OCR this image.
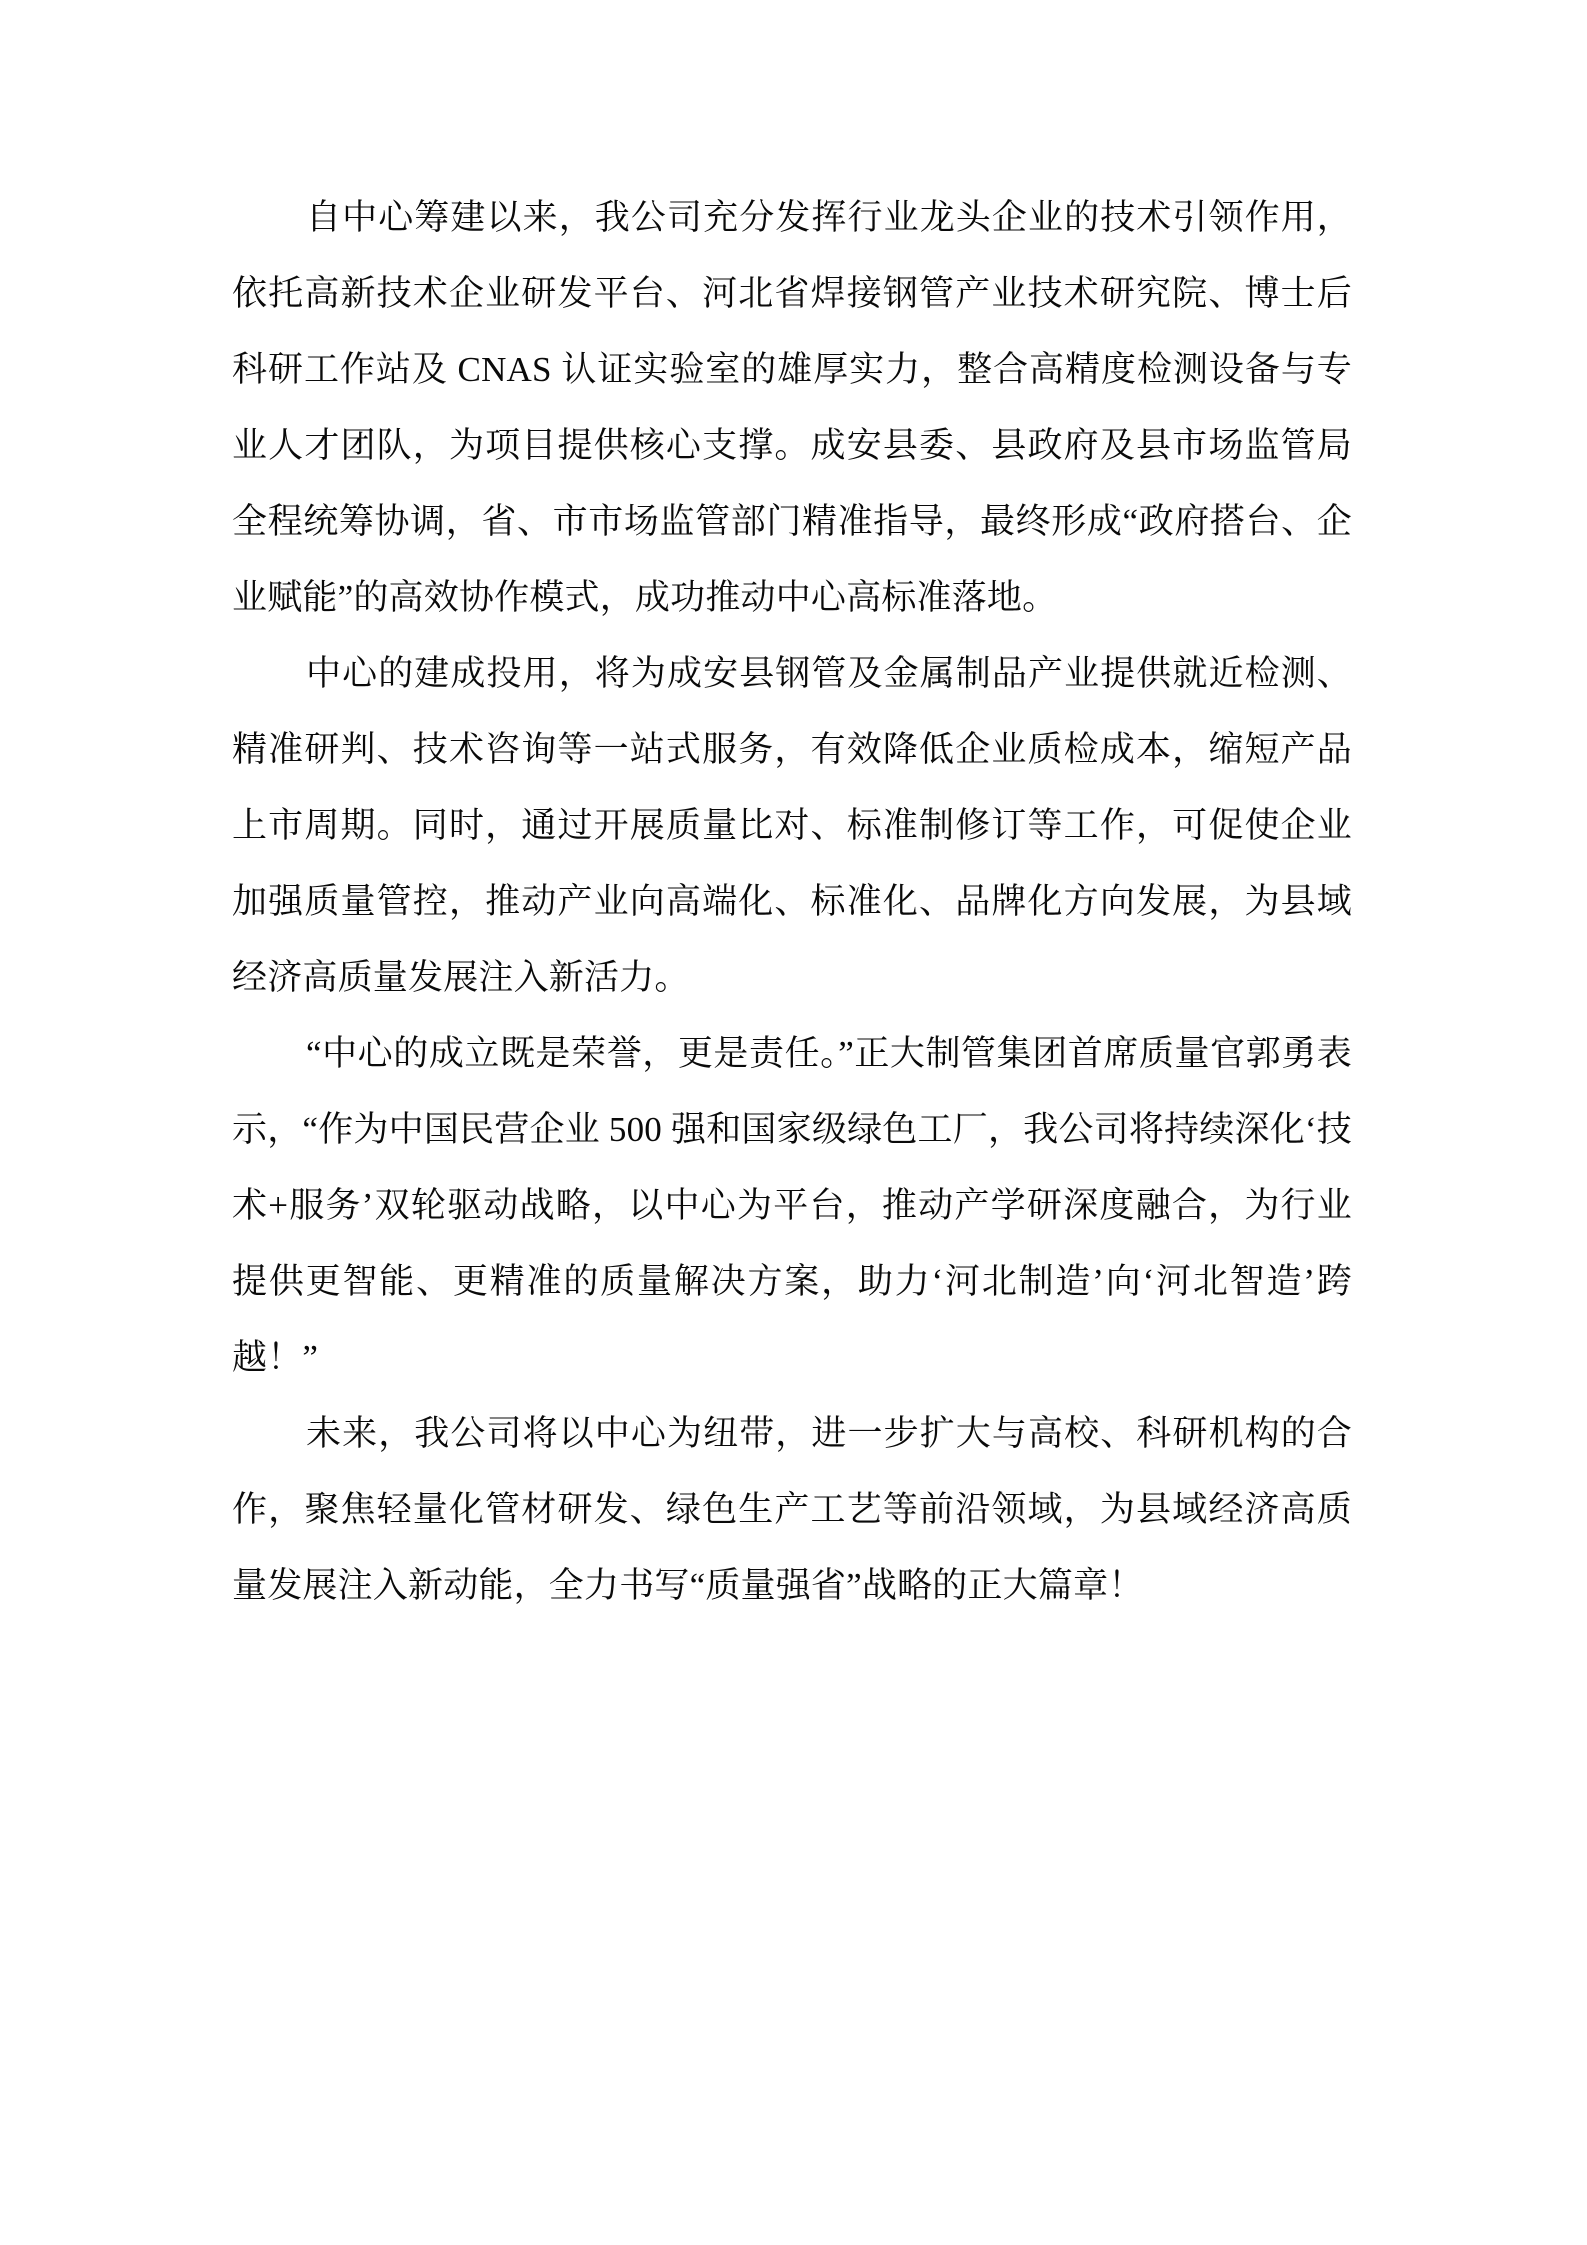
自中心筹建以来，我公司充分发挥行业龙头企业的技术引领作用，依托高新技术企业研发平台、河北省焊接钢管产业技术研究院、博士后科研工作站及 CNAS 认证实验室的雄厚实力，整合高精度检测设备与专业人才团队，为项目提供核心支撑。成安县委、县政府及县市场监管局全程统筹协调，省、市市场监管部门精准指导，最终形成“政府搭台、企业赋能”的高效协作模式，成功推动中心高标准落地。

中心的建成投用，将为成安县钢管及金属制品产业提供就近检测、精准研判、技术咨询等一站式服务，有效降低企业质检成本，缩短产品上市周期。同时，通过开展质量比对、标准制修订等工作，可促使企业加强质量管控，推动产业向高端化、标准化、品牌化方向发展，为县域经济高质量发展注入新活力。

“中心的成立既是荣誉，更是责任。”正大制管集团首席质量官郭勇表示，“作为中国民营企业 500 强和国家级绿色工厂，我公司将持续深化‘技术+服务’双轮驱动战略，以中心为平台，推动产学研深度融合，为行业提供更智能、更精准的质量解决方案，助力‘河北制造’向‘河北智造’跨越！”

未来，我公司将以中心为纽带，进一步扩大与高校、科研机构的合作，聚焦轻量化管材研发、绿色生产工艺等前沿领域，为县域经济高质量发展注入新动能，全力书写“质量强省”战略的正大篇章！
